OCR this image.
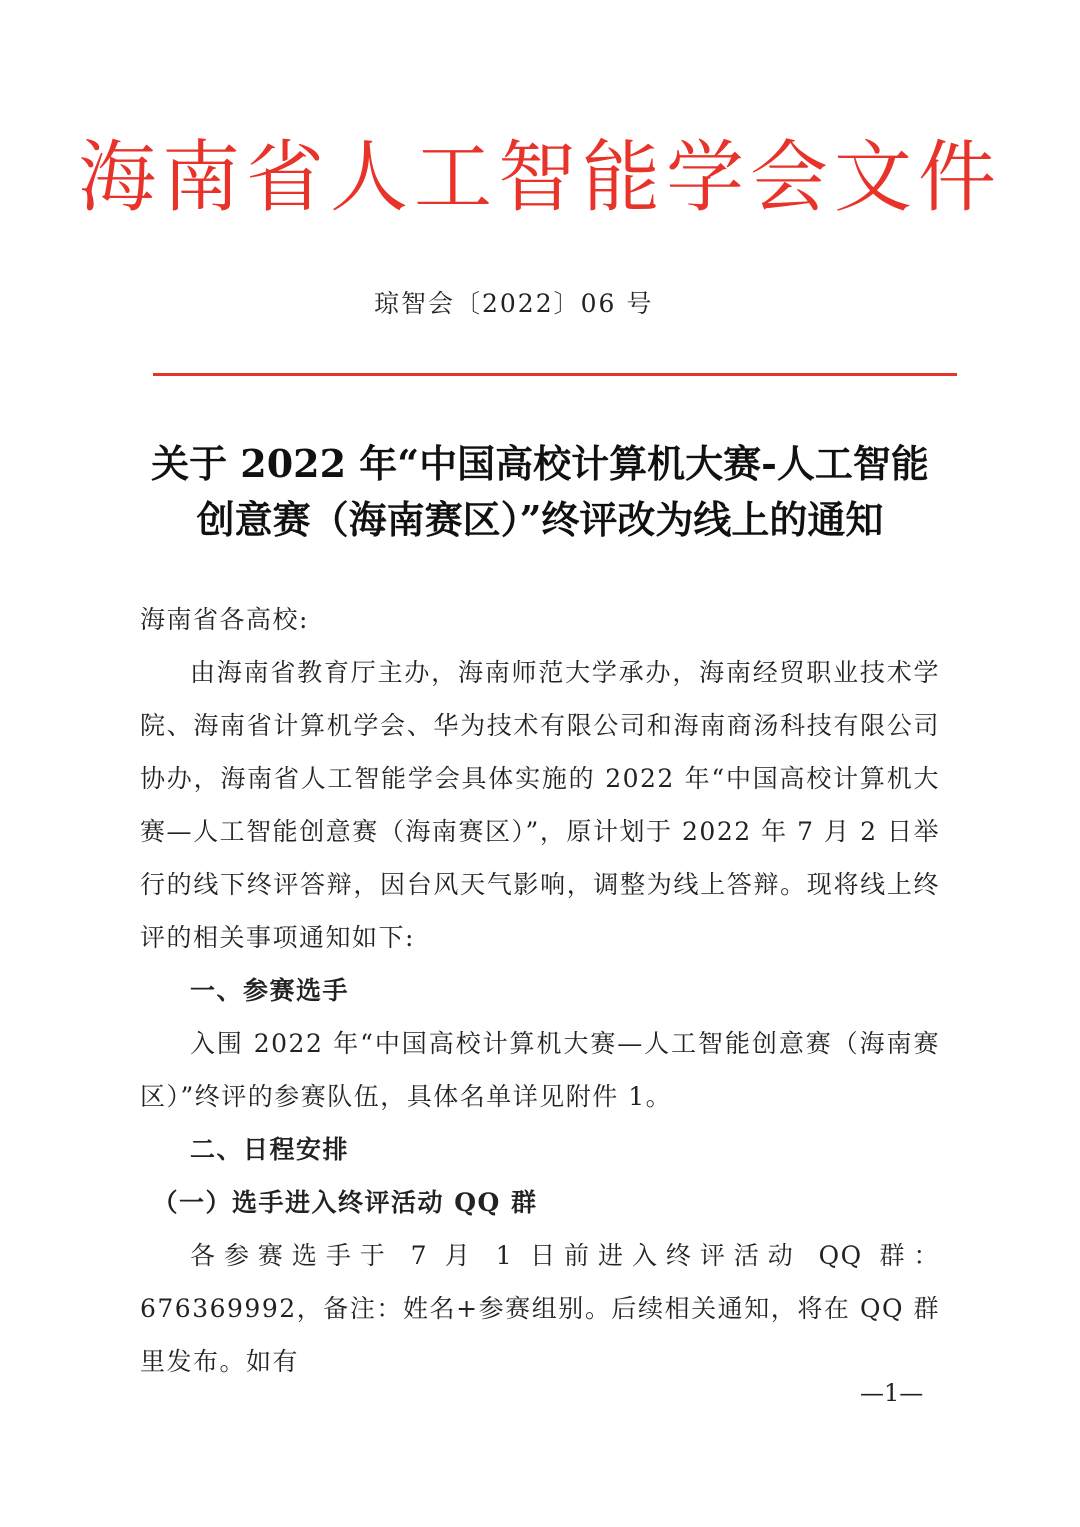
海南省人工智能学会文件
琼智会〔2022〕06 号
关于 2022 年“中国高校计算机大赛-人工智能
创意赛（海南赛区）”终评改为线上的通知

海南省各高校:

由海南省教育厅主办，海南师范大学承办，海南经贸职业技术学院、海南省计算机学会、华为技术有限公司和海南商汤科技有限公司协办，海南省人工智能学会具体实施的 2022 年“中国高校计算机大赛—人工智能创意赛（海南赛区）”，原计划于 2022 年 7 月 2 日举行的线下终评答辩，因台风天气影响，调整为线上答辩。现将线上终评的相关事项通知如下:

一、参赛选手

入围 2022 年“中国高校计算机大赛—人工智能创意赛（海南赛区）”终评的参赛队伍，具体名单详见附件 1。

二、日程安排

（一）选手进入终评活动 QQ 群

各参赛选手于 7 月 1 日前进入终评活动 QQ 群：676369992，备注：姓名+参赛组别。后续相关通知，将在 QQ 群里发布。如有

—1—
